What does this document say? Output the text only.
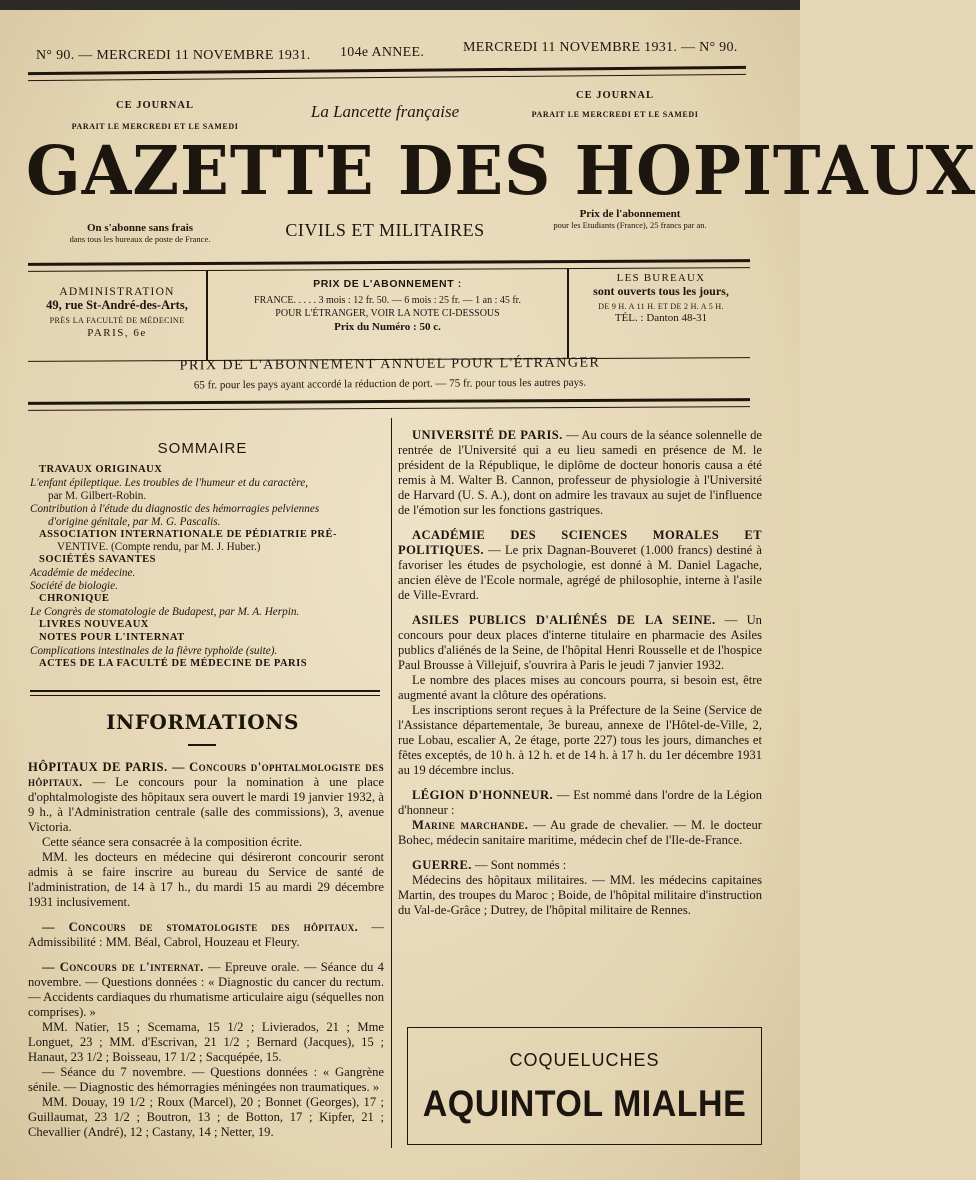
N° 90. — MERCREDI 11 NOVEMBRE 1931. 104e ANNEE.	MERCREDI 11 NOVEMBRE 1931. — N° 90.
CE JOURNAL
PARAIT LE MERCREDI ET LE SAMEDI
La Lancette française
CE JOURNAL
PARAIT LE MERCREDI ET LE SAMEDI
GAZETTE DES HOPITAUX
On s'abonne sans frais
dans tous les bureaux de poste de France.	CIVILS ET MILITAIRES
Prix de l'abonnement
pour les Etudiants (France), 25 francs par an.
ADMINISTRATION
49, rue St-André-des-Arts,
PRÈS LA FACULTÉ DE MÉDECINE
PARIS, 6e
PRIX DE L'ABONNEMENT :
FRANCE. . . . . 3 mois : 12 fr. 50. — 6 mois : 25 fr. — 1 an : 45 fr.
POUR L'ÉTRANGER, VOIR LA NOTE CI-DESSOUS
Prix du Numéro : 50 c.
LES BUREAUX
sont ouverts tous les jours,
DE 9 H. A 11 H. ET DE 2 H. A 5 H.
TÉL. : Danton 48-31
PRIX DE L'ABONNEMENT ANNUEL POUR L'ÉTRANGER
65 fr. pour les pays ayant accordé la réduction de port. — 75 fr. pour tous les autres pays.
SOMMAIRE
TRAVAUX ORIGINAUX
L'enfant épileptique. Les troubles de l'humeur et du caractère,
par M. Gilbert-Robin.
Contribution à l'étude du diagnostic des hémorragies pelviennes
d'origine génitale, par M. G. Pascalis.
ASSOCIATION INTERNATIONALE DE PÉDIATRIE PRÉ-
VENTIVE. (Compte rendu, par M. J. Huber.)
SOCIÉTÉS SAVANTES
Académie de médecine.
Société de biologie.
CHRONIQUE
Le Congrès de stomatologie de Budapest, par M. A. Herpin.
LIVRES NOUVEAUX
NOTES POUR L'INTERNAT
Complications intestinales de la fièvre typhoïde (suite).
ACTES DE LA FACULTÉ DE MÉDECINE DE PARIS
INFORMATIONS

HÔPITAUX DE PARIS. — Concours d'ophtalmologiste des hôpitaux. — Le concours pour la nomination à une place d'ophtalmologiste des hôpitaux sera ouvert le mardi 19 janvier 1932, à 9 h., à l'Administration centrale (salle des commissions), 3, avenue Victoria.

Cette séance sera consacrée à la composition écrite.

MM. les docteurs en médecine qui désireront concourir seront admis à se faire inscrire au bureau du Service de santé de l'administration, de 14 à 17 h., du mardi 15 au mardi 29 décembre 1931 inclusivement.

— Concours de stomatologiste des hôpitaux. — Admissibilité : MM. Béal, Cabrol, Houzeau et Fleury.

— Concours de l'internat. — Epreuve orale. — Séance du 4 novembre. — Questions données : « Diagnostic du cancer du rectum. — Accidents cardiaques du rhumatisme articulaire aigu (séquelles non comprises). »

MM. Natier, 15 ; Scemama, 15 1/2 ; Livierados, 21 ; Mme Longuet, 23 ; MM. d'Escrivan, 21 1/2 ; Bernard (Jacques), 15 ; Hanaut, 23 1/2 ; Boisseau, 17 1/2 ; Sacquépée, 15.

— Séance du 7 novembre. — Questions données : « Gangrène sénile. — Diagnostic des hémorragies méningées non traumatiques. »

MM. Douay, 19 1/2 ; Roux (Marcel), 20 ; Bonnet (Georges), 17 ; Guillaumat, 23 1/2 ; Boutron, 13 ; de Botton, 17 ; Kipfer, 21 ; Chevallier (André), 12 ; Castany, 14 ; Netter, 19.

UNIVERSITÉ DE PARIS. — Au cours de la séance solennelle de rentrée de l'Université qui a eu lieu samedi en présence de M. le président de la République, le diplôme de docteur honoris causa a été remis à M. Walter B. Cannon, professeur de physiologie à l'Université de Harvard (U. S. A.), dont on admire les travaux au sujet de l'influence de l'émotion sur les fonctions gastriques.

ACADÉMIE DES SCIENCES MORALES ET POLITIQUES. — Le prix Dagnan-Bouveret (1.000 francs) destiné à favoriser les études de psychologie, est donné à M. Daniel Lagache, ancien élève de l'Ecole normale, agrégé de philosophie, interne à l'asile de Ville-Evrard.

ASILES PUBLICS D'ALIÉNÉS DE LA SEINE. — Un concours pour deux places d'interne titulaire en pharmacie des Asiles publics d'aliénés de la Seine, de l'hôpital Henri Rousselle et de l'hospice Paul Brousse à Villejuif, s'ouvrira à Paris le jeudi 7 janvier 1932.

Le nombre des places mises au concours pourra, si besoin est, être augmenté avant la clôture des opérations.

Les inscriptions seront reçues à la Préfecture de la Seine (Service de l'Assistance départementale, 3e bureau, annexe de l'Hôtel-de-Ville, 2, rue Lobau, escalier A, 2e étage, porte 227) tous les jours, dimanches et fêtes exceptés, de 10 h. à 12 h. et de 14 h. à 17 h. du 1er décembre 1931 au 19 décembre inclus.

LÉGION D'HONNEUR. — Est nommé dans l'ordre de la Légion d'honneur :

Marine marchande. — Au grade de chevalier. — M. le docteur Bohec, médecin sanitaire maritime, médecin chef de l'Ile-de-France.

GUERRE. — Sont nommés :

Médecins des hôpitaux militaires. — MM. les médecins capitaines Martin, des troupes du Maroc ; Boide, de l'hôpital militaire d'instruction du Val-de-Grâce ; Dutrey, de l'hôpital militaire de Rennes.

COQUELUCHES
AQUINTOL MIALHE
